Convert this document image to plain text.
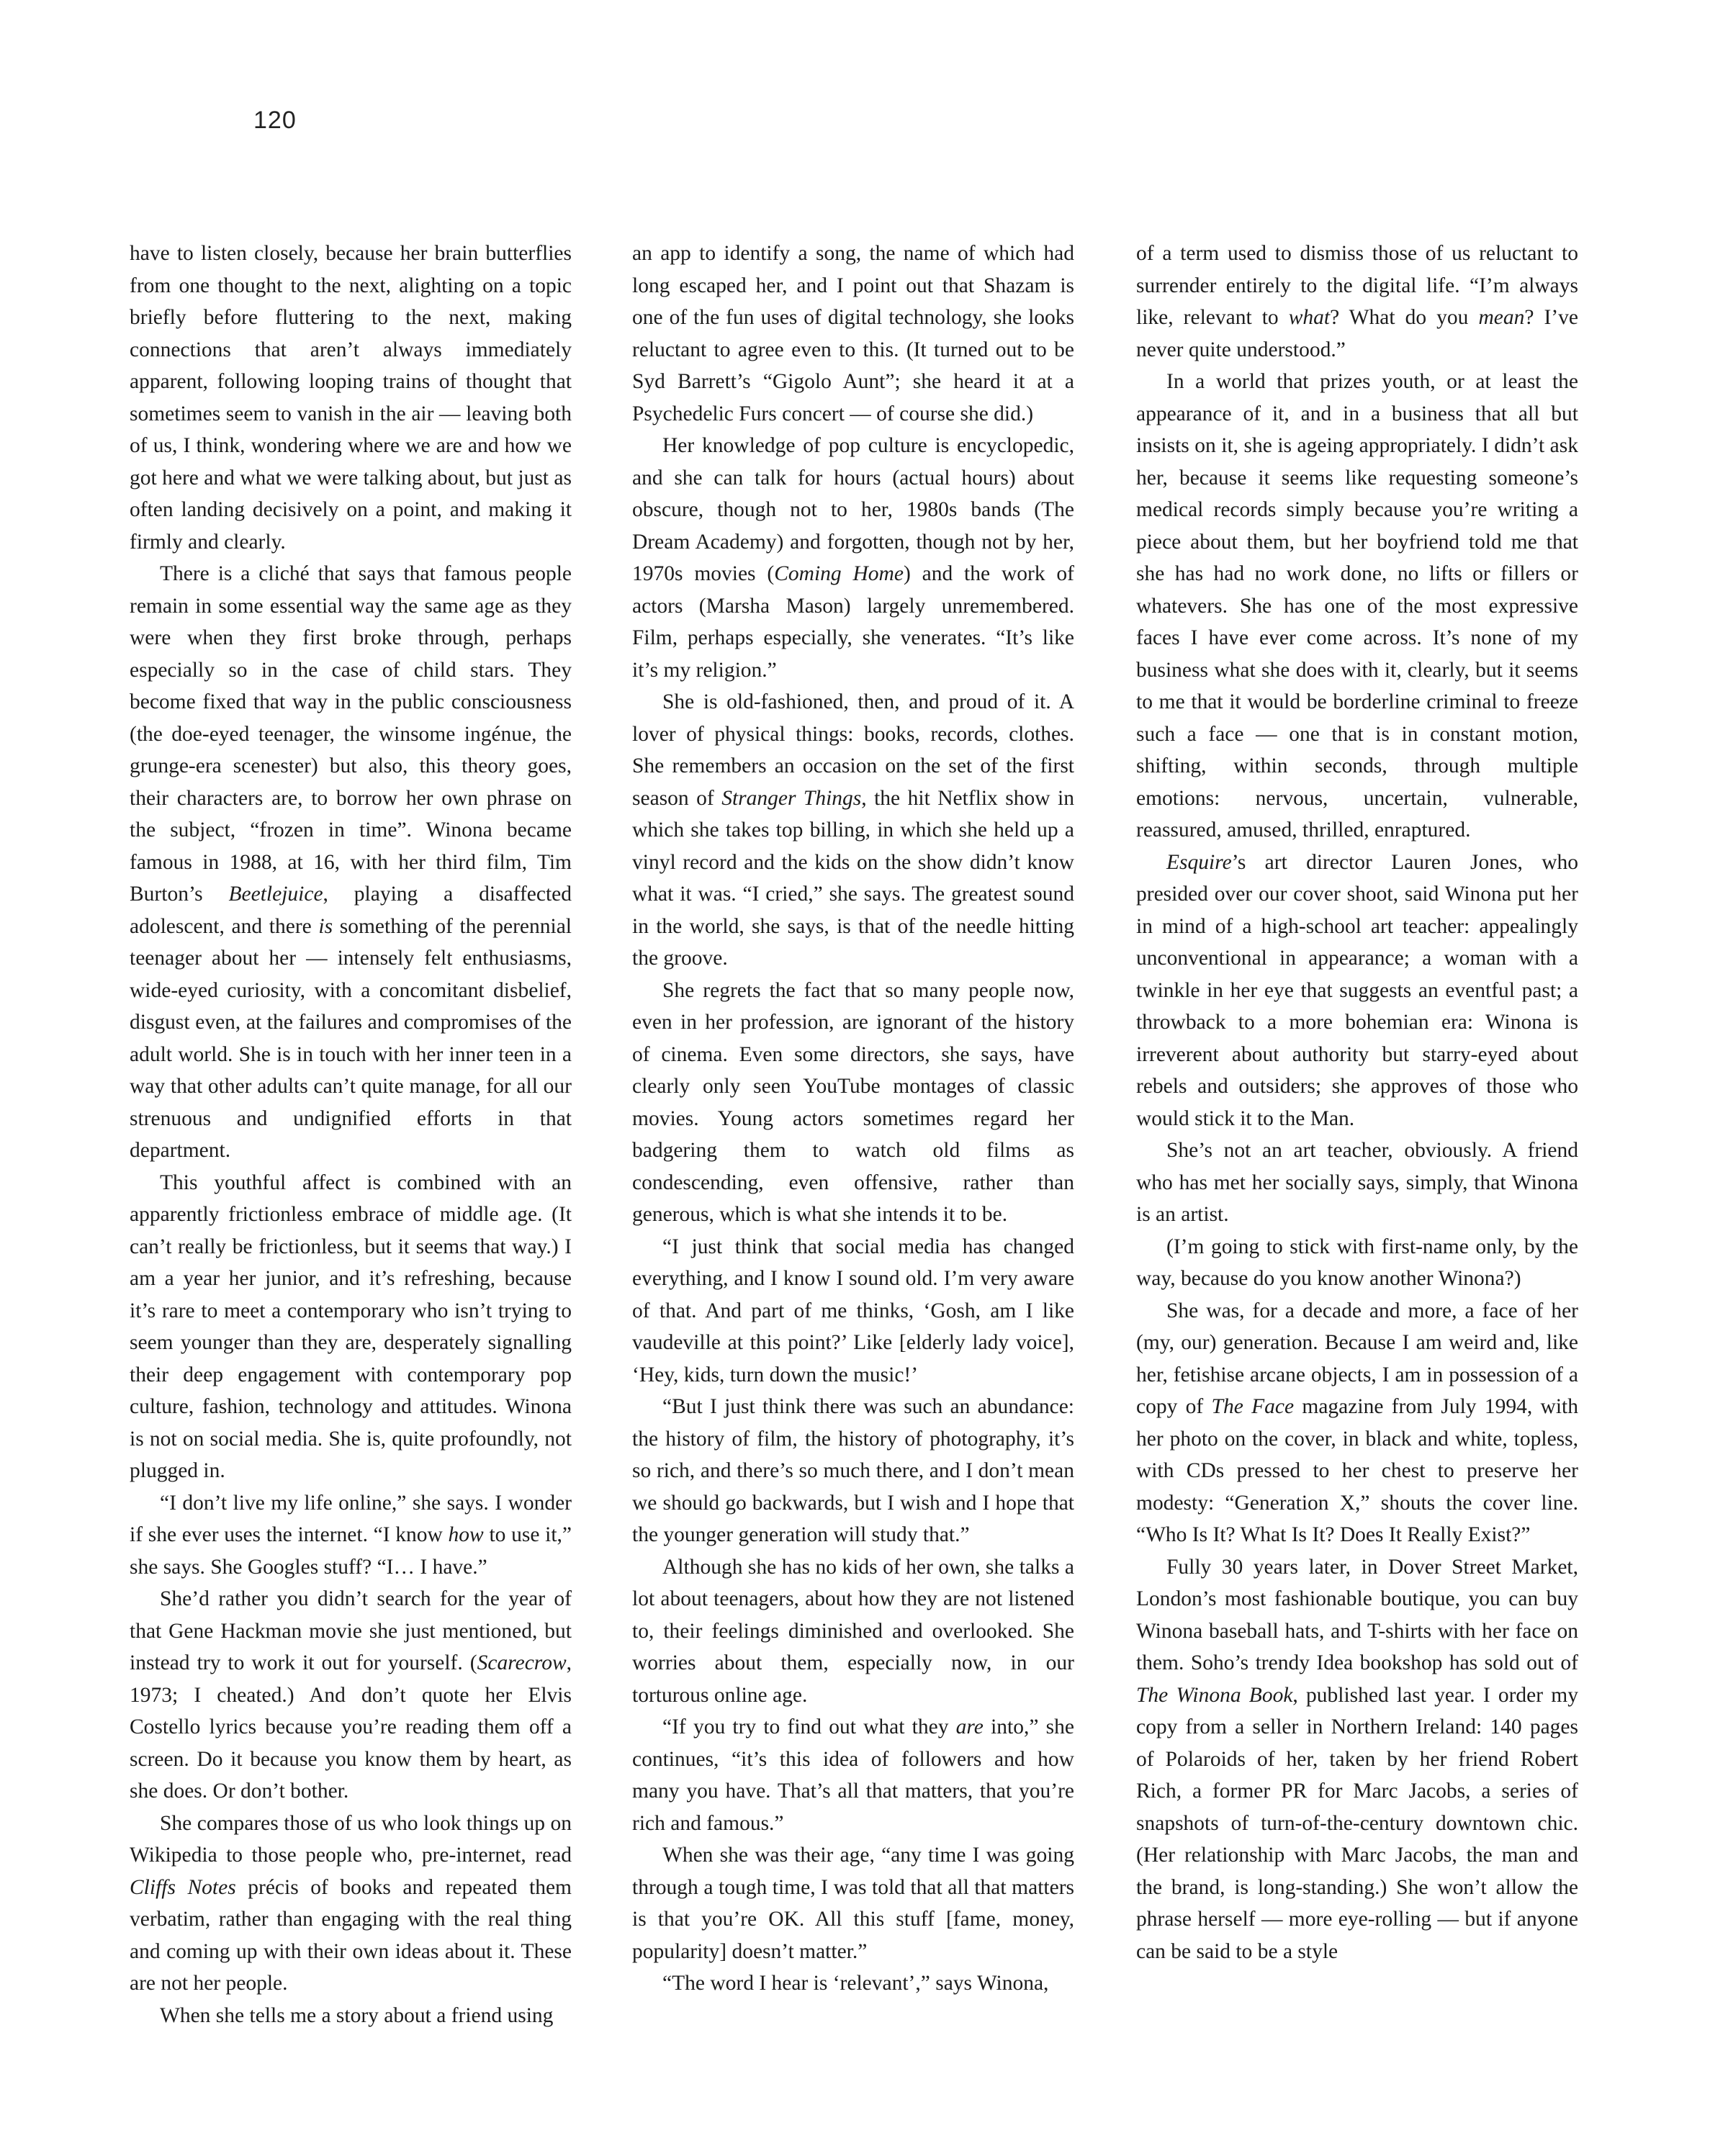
120

have to listen closely, because her brain butterflies from one thought to the next, alighting on a topic briefly before fluttering to the next, making connections that aren’t always immediately apparent, following looping trains of thought that sometimes seem to vanish in the air — leaving both of us, I think, wondering where we are and how we got here and what we were talking about, but just as often landing decisively on a point, and making it firmly and clearly.

There is a cliché that says that famous people remain in some essential way the same age as they were when they first broke through, perhaps especially so in the case of child stars. They become fixed that way in the public consciousness (the doe-eyed teenager, the winsome ingénue, the grunge-era scenester) but also, this theory goes, their characters are, to borrow her own phrase on the subject, “frozen in time”. Winona became famous in 1988, at 16, with her third film, Tim Burton’s Beetlejuice, playing a disaffected adolescent, and there is something of the perennial teenager about her — intensely felt enthusiasms, wide-eyed curiosity, with a concomitant disbelief, disgust even, at the failures and compromises of the adult world. She is in touch with her inner teen in a way that other adults can’t quite manage, for all our strenuous and undignified efforts in that department.

This youthful affect is combined with an apparently frictionless embrace of middle age. (It can’t really be frictionless, but it seems that way.) I am a year her junior, and it’s refreshing, because it’s rare to meet a contemporary who isn’t trying to seem younger than they are, desperately signalling their deep engagement with contemporary pop culture, fashion, technology and attitudes. Winona is not on social media. She is, quite profoundly, not plugged in.

“I don’t live my life online,” she says. I wonder if she ever uses the internet. “I know how to use it,” she says. She Googles stuff? “I… I have.”

She’d rather you didn’t search for the year of that Gene Hackman movie she just mentioned, but instead try to work it out for yourself. (Scarecrow, 1973; I cheated.) And don’t quote her Elvis Costello lyrics because you’re reading them off a screen. Do it because you know them by heart, as she does. Or don’t bother.

She compares those of us who look things up on Wikipedia to those people who, pre-internet, read Cliffs Notes précis of books and repeated them verbatim, rather than engaging with the real thing and coming up with their own ideas about it. These are not her people.

When she tells me a story about a friend using

an app to identify a song, the name of which had long escaped her, and I point out that Shazam is one of the fun uses of digital technology, she looks reluctant to agree even to this. (It turned out to be Syd Barrett’s “Gigolo Aunt”; she heard it at a Psychedelic Furs concert — of course she did.)

Her knowledge of pop culture is encyclopedic, and she can talk for hours (actual hours) about obscure, though not to her, 1980s bands (The Dream Academy) and forgotten, though not by her, 1970s movies (Coming Home) and the work of actors (Marsha Mason) largely unremembered. Film, perhaps especially, she venerates. “It’s like it’s my religion.”

She is old-fashioned, then, and proud of it. A lover of physical things: books, records, clothes. She remembers an occasion on the set of the first season of Stranger Things, the hit Netflix show in which she takes top billing, in which she held up a vinyl record and the kids on the show didn’t know what it was. “I cried,” she says. The greatest sound in the world, she says, is that of the needle hitting the groove.

She regrets the fact that so many people now, even in her profession, are ignorant of the history of cinema. Even some directors, she says, have clearly only seen YouTube montages of classic movies. Young actors sometimes regard her badgering them to watch old films as condescending, even offensive, rather than generous, which is what she intends it to be.

“I just think that social media has changed everything, and I know I sound old. I’m very aware of that. And part of me thinks, ‘Gosh, am I like vaudeville at this point?’ Like [elderly lady voice], ‘Hey, kids, turn down the music!’

“But I just think there was such an abundance: the history of film, the history of photography, it’s so rich, and there’s so much there, and I don’t mean we should go backwards, but I wish and I hope that the younger generation will study that.”

Although she has no kids of her own, she talks a lot about teenagers, about how they are not listened to, their feelings diminished and overlooked. She worries about them, especially now, in our torturous online age.

“If you try to find out what they are into,” she continues, “it’s this idea of followers and how many you have. That’s all that matters, that you’re rich and famous.”

When she was their age, “any time I was going through a tough time, I was told that all that matters is that you’re OK. All this stuff [fame, money, popularity] doesn’t matter.”

“The word I hear is ‘relevant’,” says Winona,

of a term used to dismiss those of us reluctant to surrender entirely to the digital life. “I’m always like, relevant to what? What do you mean? I’ve never quite understood.”

In a world that prizes youth, or at least the appearance of it, and in a business that all but insists on it, she is ageing appropriately. I didn’t ask her, because it seems like requesting someone’s medical records simply because you’re writing a piece about them, but her boyfriend told me that she has had no work done, no lifts or fillers or whatevers. She has one of the most expressive faces I have ever come across. It’s none of my business what she does with it, clearly, but it seems to me that it would be borderline criminal to freeze such a face — one that is in constant motion, shifting, within seconds, through multiple emotions: nervous, uncertain, vulnerable, reassured, amused, thrilled, enraptured.

Esquire’s art director Lauren Jones, who presided over our cover shoot, said Winona put her in mind of a high-school art teacher: appealingly unconventional in appearance; a woman with a twinkle in her eye that suggests an eventful past; a throwback to a more bohemian era: Winona is irreverent about authority but starry-eyed about rebels and outsiders; she approves of those who would stick it to the Man.

She’s not an art teacher, obviously. A friend who has met her socially says, simply, that Winona is an artist.

(I’m going to stick with first-name only, by the way, because do you know another Winona?)

She was, for a decade and more, a face of her (my, our) generation. Because I am weird and, like her, fetishise arcane objects, I am in possession of a copy of The Face magazine from July 1994, with her photo on the cover, in black and white, topless, with CDs pressed to her chest to preserve her modesty: “Generation X,” shouts the cover line. “Who Is It? What Is It? Does It Really Exist?”

Fully 30 years later, in Dover Street Market, London’s most fashionable boutique, you can buy Winona baseball hats, and T-shirts with her face on them. Soho’s trendy Idea bookshop has sold out of The Winona Book, published last year. I order my copy from a seller in Northern Ireland: 140 pages of Polaroids of her, taken by her friend Robert Rich, a former PR for Marc Jacobs, a series of snapshots of turn-of-the-century downtown chic. (Her relationship with Marc Jacobs, the man and the brand, is long-standing.) She won’t allow the phrase herself — more eye-rolling — but if anyone can be said to be a style
